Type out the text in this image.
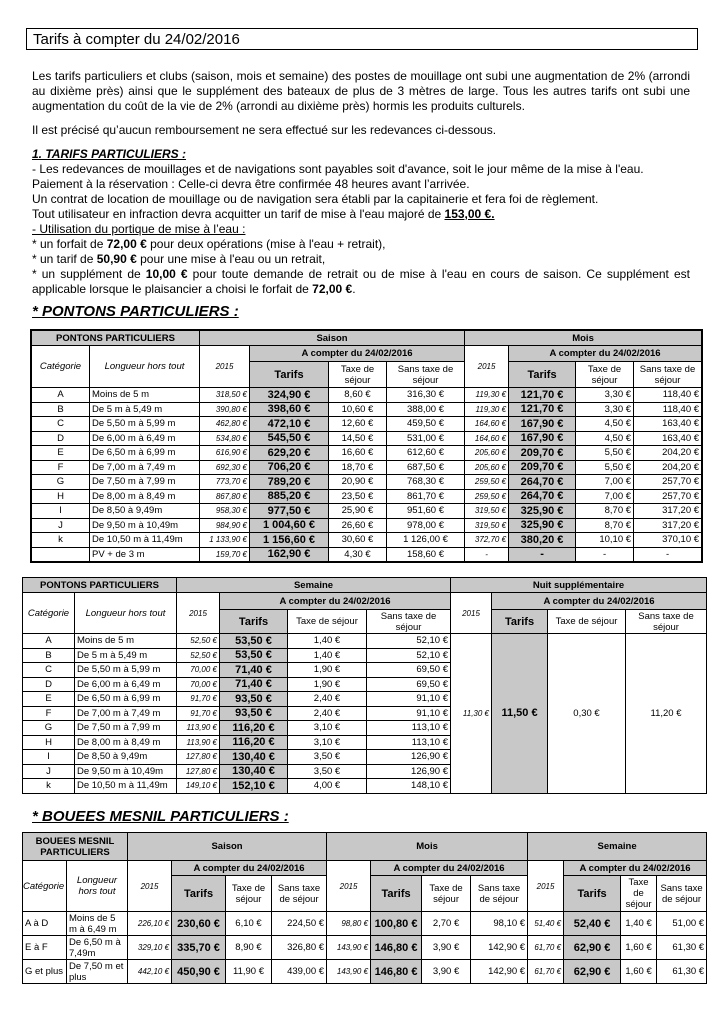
Tarifs à compter du 24/02/2016

Les tarifs particuliers et clubs (saison, mois et semaine) des postes de mouillage ont subi une augmentation de 2% (arrondi au dixième près) ainsi que le supplément des bateaux de plus de 3 mètres de large. Tous les autres tarifs ont subi une augmentation du coût de la vie de 2% (arrondi au dixième près) hormis les produits culturels.

Il est précisé qu’aucun remboursement ne sera effectué sur les redevances ci-dessous.

1. TARIFS PARTICULIERS :

- Les redevances de mouillages et de navigations sont payables soit d'avance, soit le jour même de la mise à l'eau.

Paiement à la réservation : Celle-ci devra être confirmée 48 heures avant l’arrivée.

Un contrat de location de mouillage ou de navigation sera établi par la capitainerie et fera foi de règlement.

Tout utilisateur en infraction devra acquitter un tarif de mise à l'eau majoré de 153,00 €.

- Utilisation du portique de mise à l’eau :

* un forfait de 72,00 € pour deux opérations (mise à l'eau + retrait),

* un tarif de 50,90 € pour une mise à l'eau ou un retrait,

* un supplément de 10,00 € pour toute demande de retrait ou de mise à l'eau en cours de saison. Ce supplément est applicable lorsque le plaisancier a choisi le forfait de 72,00 €.

* PONTONS PARTICULIERS :
PONTONS PARTICULIERS		Saison				Mois			
Catégorie	Longueur hors tout	2015	A compter du 24/02/2016			2015	A compter du 24/02/2016		
			Tarifs	Taxe de séjour	Sans taxe de séjour		Tarifs	Taxe de séjour	Sans taxe de séjour
A	Moins de 5 m	318,50 €	324,90 €	8,60 €	316,30 €	119,30 €	121,70 €	3,30 €	118,40 €
B	De 5 m à 5,49 m	390,80 €	398,60 €	10,60 €	388,00 €	119,30 €	121,70 €	3,30 €	118,40 €
C	De 5,50 m à 5,99 m	462,80 €	472,10 €	12,60 €	459,50 €	164,60 €	167,90 €	4,50 €	163,40 €
D	De 6,00 m à 6,49 m	534,80 €	545,50 €	14,50 €	531,00 €	164,60 €	167,90 €	4,50 €	163,40 €
E	De 6,50 m à 6,99 m	616,90 €	629,20 €	16,60 €	612,60 €	205,60 €	209,70 €	5,50 €	204,20 €
F	De 7,00 m à 7,49 m	692,30 €	706,20 €	18,70 €	687,50 €	205,60 €	209,70 €	5,50 €	204,20 €
G	De 7,50 m à 7,99 m	773,70 €	789,20 €	20,90 €	768,30 €	259,50 €	264,70 €	7,00 €	257,70 €
H	De 8,00 m à 8,49 m	867,80 €	885,20 €	23,50 €	861,70 €	259,50 €	264,70 €	7,00 €	257,70 €
I	De 8,50 à 9,49m	958,30 €	977,50 €	25,90 €	951,60 €	319,50 €	325,90 €	8,70 €	317,20 €
J	De 9,50 m à 10,49m	984,90 €	1 004,60 €	26,60 €	978,00 €	319,50 €	325,90 €	8,70 €	317,20 €
k	De 10,50 m à 11,49m	1 133,90 €	1 156,60 €	30,60 €	1 126,00 €	372,70 €	380,20 €	10,10 €	370,10 €
	PV + de 3 m	159,70 €	162,90 €	4,30 €	158,60 €	-	-	-	-
PONTONS PARTICULIERS		Semaine				Nuit supplémentaire			
Catégorie	Longueur hors tout	2015	A compter du 24/02/2016			2015	A compter du 24/02/2016		
			Tarifs	Taxe de séjour	Sans taxe de séjour		Tarifs	Taxe de séjour	Sans taxe de séjour
A	Moins de 5 m	52,50 €	53,50 €	1,40 €	52,10 €	11,30 €	11,50 €	0,30 €	11,20 €
B	De 5 m à 5,49 m	52,50 €	53,50 €	1,40 €	52,10 €				
C	De 5,50 m à 5,99 m	70,00 €	71,40 €	1,90 €	69,50 €				
D	De 6,00 m à 6,49 m	70,00 €	71,40 €	1,90 €	69,50 €				
E	De 6,50 m à 6,99 m	91,70 €	93,50 €	2,40 €	91,10 €				
F	De 7,00 m à 7,49 m	91,70 €	93,50 €	2,40 €	91,10 €				
G	De 7,50 m à 7,99 m	113,90 €	116,20 €	3,10 €	113,10 €				
H	De 8,00 m à 8,49 m	113,90 €	116,20 €	3,10 €	113,10 €				
I	De 8,50 à 9,49m	127,80 €	130,40 €	3,50 €	126,90 €				
J	De 9,50 m à 10,49m	127,80 €	130,40 €	3,50 €	126,90 €				
k	De 10,50 m à 11,49m	149,10 €	152,10 €	4,00 €	148,10 €				
* BOUEES MESNIL PARTICULIERS :
BOUEES MESNIL PARTICULIERS		Saison				Mois				Semaine			
Catégorie	Longueur hors tout	2015	A compter du 24/02/2016			2015	A compter du 24/02/2016			2015	A compter du 24/02/2016		
			Tarifs	Taxe de séjour	Sans taxe de séjour		Tarifs	Taxe de séjour	Sans taxe de séjour		Tarifs	Taxe de séjour	Sans taxe de séjour
A à D	Moins de 5 m à 6,49 m	226,10 €	230,60 €	6,10 €	224,50 €	98,80 €	100,80 €	2,70 €	98,10 €	51,40 €	52,40 €	1,40 €	51,00 €
E à F	De 6,50 m à 7,49m	329,10 €	335,70 €	8,90 €	326,80 €	143,90 €	146,80 €	3,90 €	142,90 €	61,70 €	62,90 €	1,60 €	61,30 €
G et plus	De 7,50 m et plus	442,10 €	450,90 €	11,90 €	439,00 €	143,90 €	146,80 €	3,90 €	142,90 €	61,70 €	62,90 €	1,60 €	61,30 €
